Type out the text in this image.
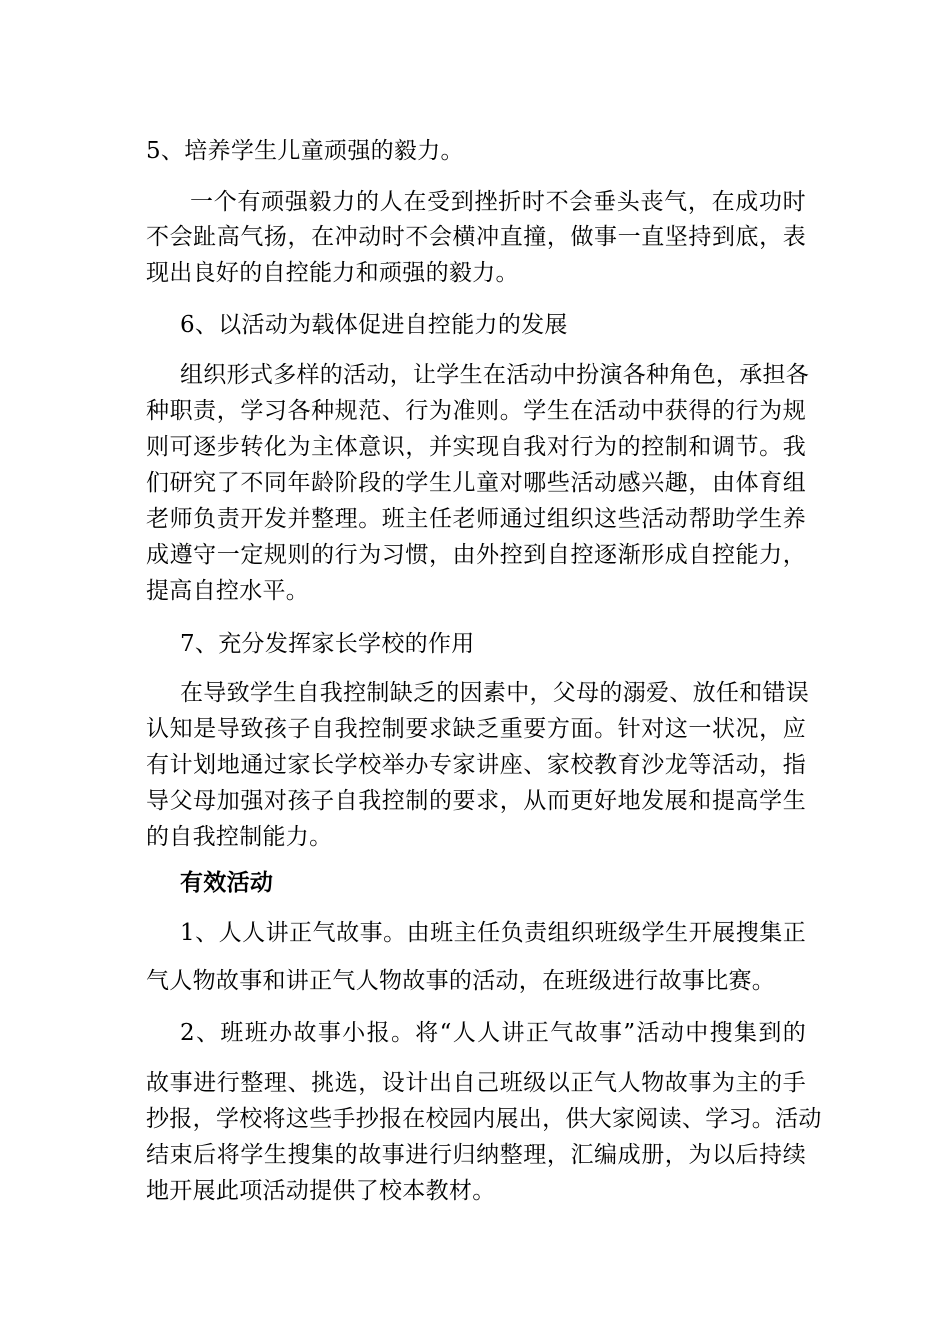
5、培养学生儿童顽强的毅力。
一个有顽强毅力的人在受到挫折时不会垂头丧气，在成功时
不会趾高气扬，在冲动时不会横冲直撞，做事一直坚持到底，表
现出良好的自控能力和顽强的毅力。
6、以活动为载体促进自控能力的发展
组织形式多样的活动，让学生在活动中扮演各种角色，承担各
种职责，学习各种规范、行为准则。学生在活动中获得的行为规
则可逐步转化为主体意识，并实现自我对行为的控制和调节。我
们研究了不同年龄阶段的学生儿童对哪些活动感兴趣，由体育组
老师负责开发并整理。班主任老师通过组织这些活动帮助学生养
成遵守一定规则的行为习惯，由外控到自控逐渐形成自控能力，
提高自控水平。
7、充分发挥家长学校的作用
在导致学生自我控制缺乏的因素中，父母的溺爱、放任和错误
认知是导致孩子自我控制要求缺乏重要方面。针对这一状况，应
有计划地通过家长学校举办专家讲座、家校教育沙龙等活动，指
导父母加强对孩子自我控制的要求，从而更好地发展和提高学生
的自我控制能力。
有效活动
1、人人讲正气故事。由班主任负责组织班级学生开展搜集正
气人物故事和讲正气人物故事的活动，在班级进行故事比赛。
2、班班办故事小报。将“人人讲正气故事”活动中搜集到的
故事进行整理、挑选，设计出自己班级以正气人物故事为主的手
抄报，学校将这些手抄报在校园内展出，供大家阅读、学习。活动
结束后将学生搜集的故事进行归纳整理，汇编成册，为以后持续
地开展此项活动提供了校本教材。
